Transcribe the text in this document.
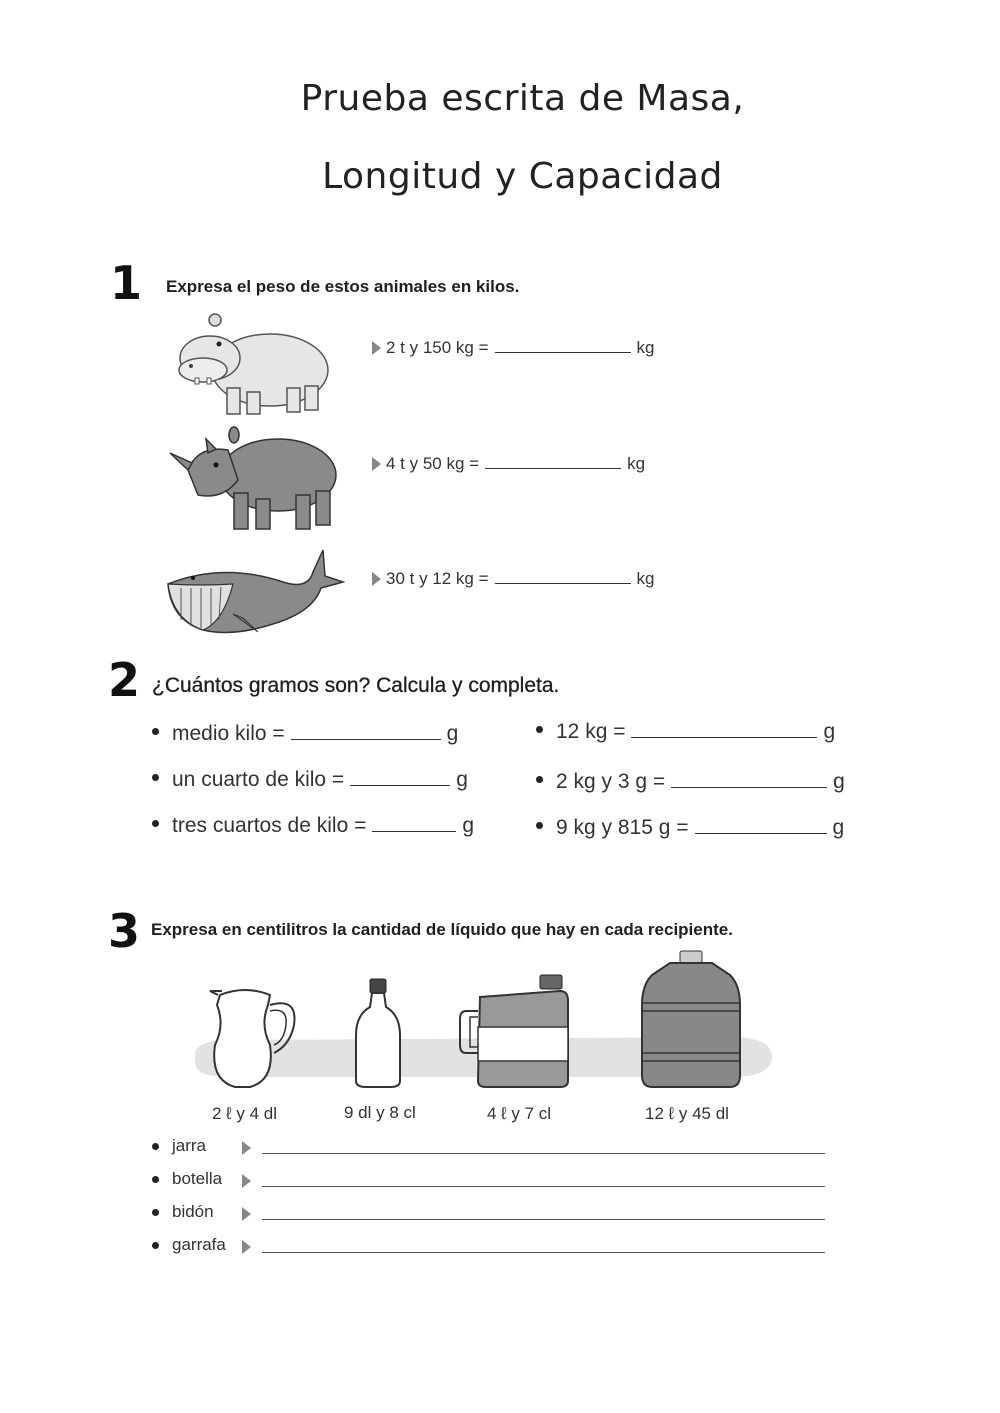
Prueba escrita de Masa,
Longitud y Capacidad
1 Expresa el peso de estos animales en kilos.
2 t y 150 kg =	kg
4 t y 50 kg =	kg
30 t y 12 kg =	kg
2 ¿Cuántos gramos son? Calcula y completa.
medio kilo =	g
un cuarto de kilo =	g
tres cuartos de kilo =	g
12 kg =	g
2 kg y 3 g =	g
9 kg y 815 g =	g
3 Expresa en centilitros la cantidad de líquido que hay en cada recipiente.
2 ℓ y 4 dl	9 dl y 8 cl	4 ℓ y 7 cl	12 ℓ y 45 dl
jarra
botella
bidón
garrafa
